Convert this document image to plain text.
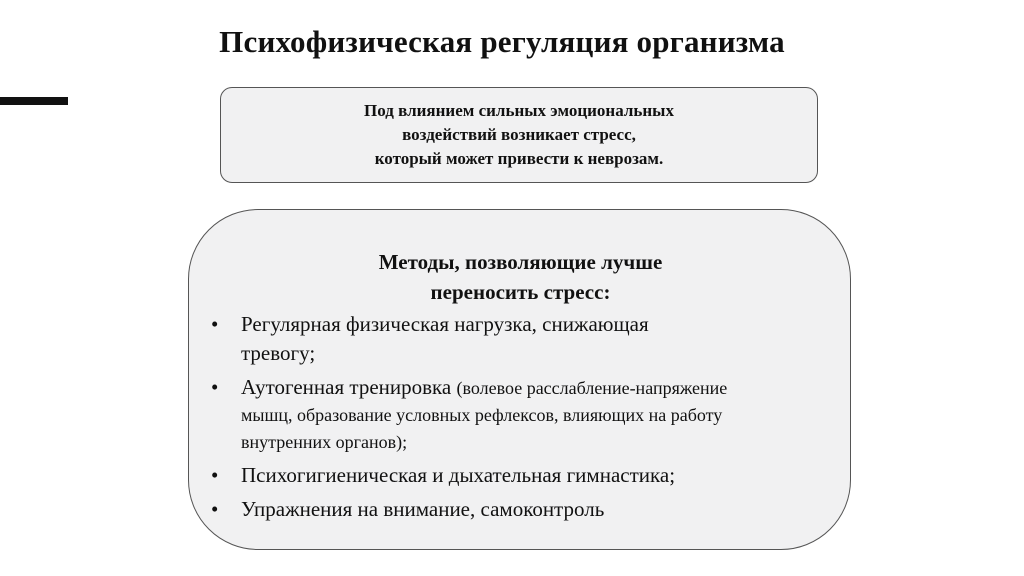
Психофизическая регуляция организма
Под влиянием сильных эмоциональных
воздействий возникает стресс,
который может привести к неврозам.
Методы, позволяющие лучше
переносить стресс:
• Регулярная физическая нагрузка, снижающая
тревогу;
• Аутогенная тренировка (волевое расслабление-напряжение
мышц, образование условных рефлексов, влияющих на работу
внутренних органов);
• Психогигиеническая и дыхательная гимнастика;
• Упражнения на внимание, самоконтроль
